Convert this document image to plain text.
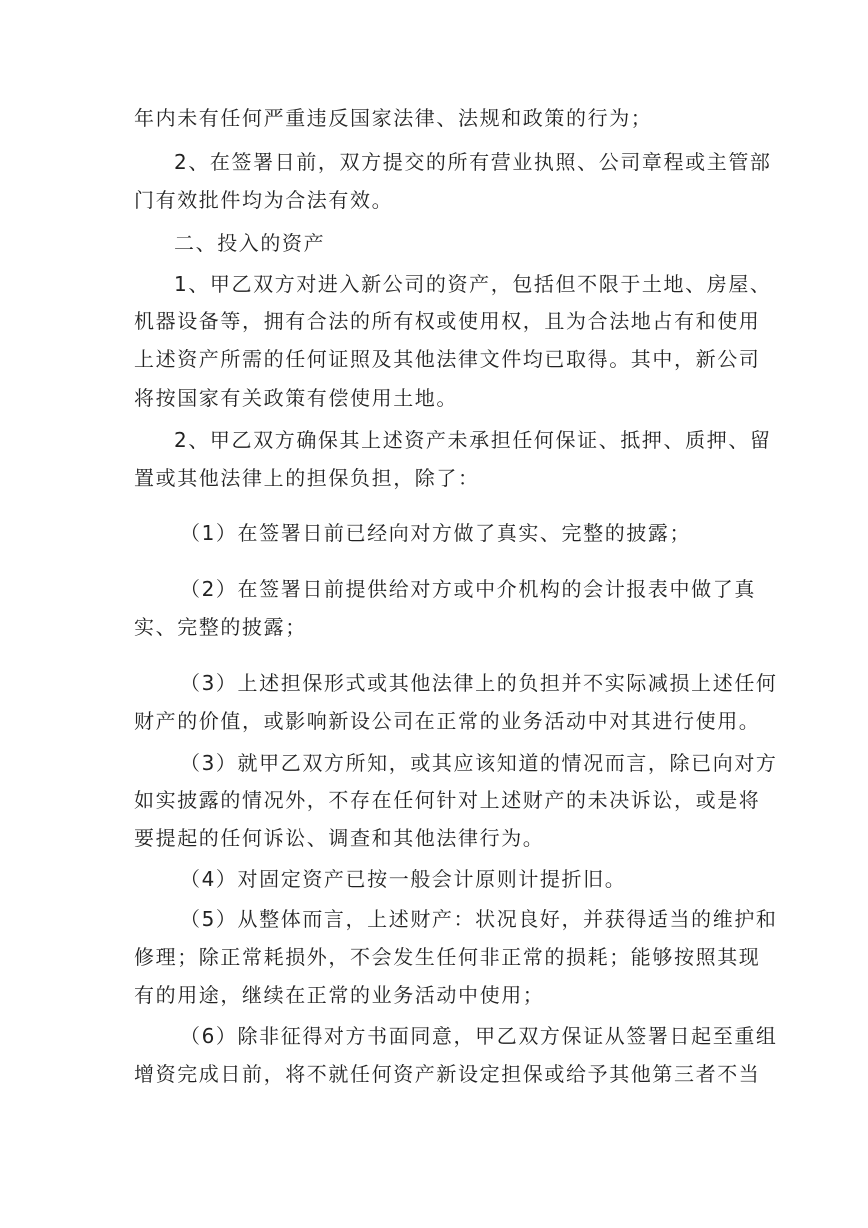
年内未有任何严重违反国家法律、法规和政策的行为；
2、在签署日前，双方提交的所有营业执照、公司章程或主管部
门有效批件均为合法有效。
二、投入的资产
1、甲乙双方对进入新公司的资产，包括但不限于土地、房屋、
机器设备等，拥有合法的所有权或使用权，且为合法地占有和使用
上述资产所需的任何证照及其他法律文件均已取得。其中，新公司
将按国家有关政策有偿使用土地。
2、甲乙双方确保其上述资产未承担任何保证、抵押、质押、留
置或其他法律上的担保负担，除了：
（1）在签署日前已经向对方做了真实、完整的披露；
（2）在签署日前提供给对方或中介机构的会计报表中做了真
实、完整的披露；
（3）上述担保形式或其他法律上的负担并不实际减损上述任何
财产的价值，或影响新设公司在正常的业务活动中对其进行使用。
（3）就甲乙双方所知，或其应该知道的情况而言，除已向对方
如实披露的情况外，不存在任何针对上述财产的未决诉讼，或是将
要提起的任何诉讼、调查和其他法律行为。
（4）对固定资产已按一般会计原则计提折旧。
（5）从整体而言，上述财产：状况良好，并获得适当的维护和
修理；除正常耗损外，不会发生任何非正常的损耗；能够按照其现
有的用途，继续在正常的业务活动中使用；
（6）除非征得对方书面同意，甲乙双方保证从签署日起至重组
增资完成日前，将不就任何资产新设定担保或给予其他第三者不当
